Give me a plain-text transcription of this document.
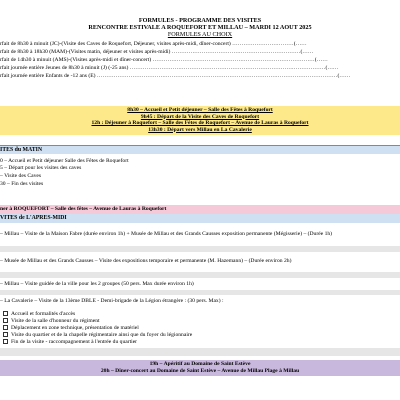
FORMULES - PROGRAMME DES VISITES
RENCONTRE ESTIVALE A ROQUEFORT ET MILLAU – MARDI 12 AOUT 2025
FORMULES AU CHOIX
rfait de 8h30 à minuit (JC)-(Visite des Caves de Roquefort, Déjeuner, visites après-midi, dîner-concert) ……………………………(……
rfait de 8h30 à 18h30 (MAM)-(Visites matin, déjeuner et visites après-midi) ……………………………………………………………(……
rfait de 14h30 à minuit (AMS)-(Visites après-midi et dîner-concert) ……………………………………………………………………………(……
rfait journée entière Jeunes de 8h30 à minuit (J) (-25 ans) ……………………………………………………………………………………………(……
rfait journée entière Enfants de -12 ans (E) …………………………………………………………………………………………………………………(……
8h30 – Accueil et Petit déjeuner – Salle des Fêtes à Roquefort
9h45 : Départ de la Visite des Caves de Roquefort
12h : Déjeuner à Roquefort – Salle des Fêtes de Roquefort – Avenue de Lauras à Roquefort
13h30 : Départ vers Millau en La Cavalerie
ITES du MATIN
0 – Accueil et Petit déjeuner Salle des Fêtes de Roquefort
5 – Départ pour les visites des caves
– Visite des Caves
30 – Fin des visites
ner à ROQUEFORT – Salle des fêtes – Avenue de Lauras à Roquefort
VITES de L'APRES-MIDI
– Millau – Visite de la Maison Fabre (durée environ 1h) + Musée de Millau et des Grands Causses exposition permanente (Mégisserie) – (Durée 1h)
– Musée de Millau et des Grands Causses – Visite des expositions temporaire et permanente (M. Hazemann) – (Durée environ 2h)
– Millau – Visite guidée de la ville pour les 2 groupes (50 pers. Max durée environ 1h)
– La Cavalerie – Visite de la 13ème DBLE - Demi-brigade de la Légion étrangère : (30 pers. Max) :
Accueil et formalités d'accès
Visite de la salle d'honneur du régiment
Déplacement en zone technique, présentation de matériel
Visite du quartier et de la chapelle régimentaire ainsi que du foyer du légionnaire
Fin de la visite - raccompagnement à l'entrée du quartier
19h – Apéritif au Domaine de Saint Estève
20h – Dîner-concert au Domaine de Saint Estève – Avenue de Millau Plage à Millau
